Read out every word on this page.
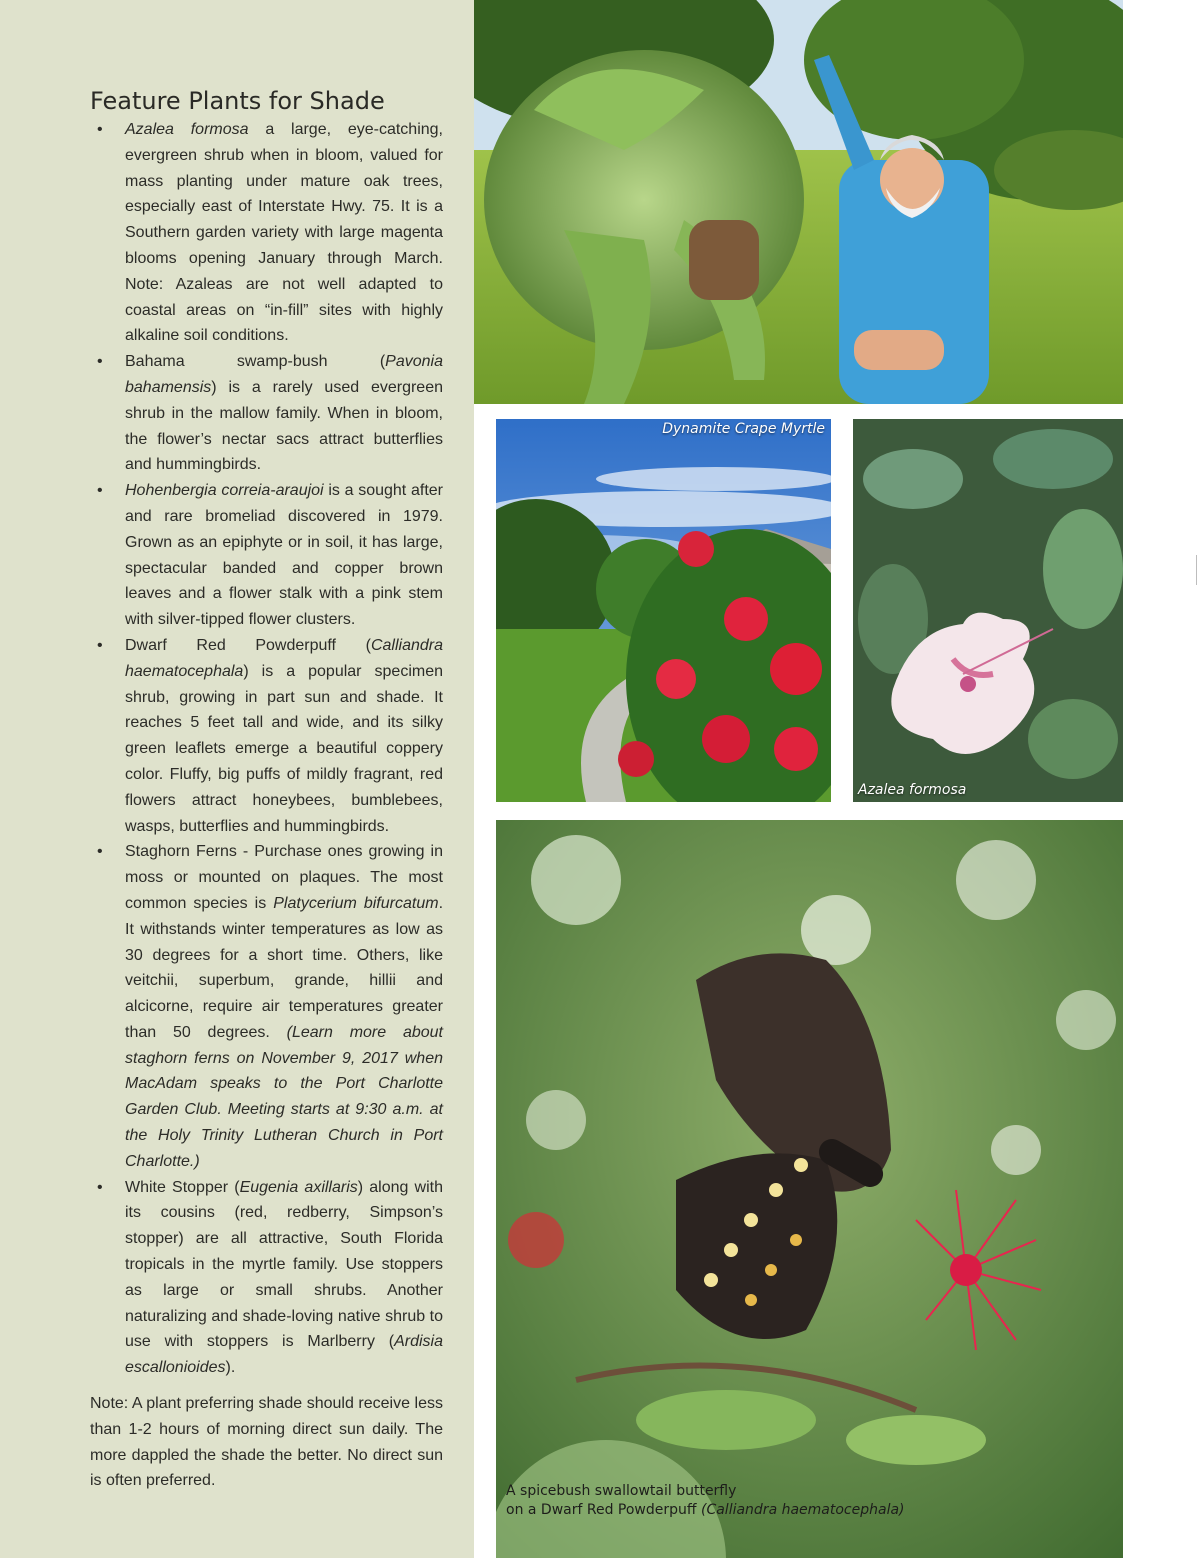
Feature Plants for Shade
• Azalea formosa a large, eye-catching, evergreen shrub when in bloom, valued for mass planting under mature oak trees, especially east of Interstate Hwy. 75. It is a Southern garden variety with large magenta blooms opening January through March. Note: Azaleas are not well adapted to coastal areas on “in-fill” sites with highly alkaline soil conditions.
• Bahama swamp-bush (Pavonia bahamensis) is a rarely used evergreen shrub in the mallow family. When in bloom, the flower’s nectar sacs attract butterflies and hummingbirds.
• Hohenbergia correia-araujoi is a sought after and rare bromeliad discovered in 1979. Grown as an epiphyte or in soil, it has large, spectacular banded and copper brown leaves and a flower stalk with a pink stem with silver-tipped flower clusters.
• Dwarf Red Powderpuff (Calliandra haematocephala) is a popular specimen shrub, growing in part sun and shade. It reaches 5 feet tall and wide, and its silky green leaflets emerge a beautiful coppery color. Fluffy, big puffs of mildly fragrant, red flowers attract honeybees, bumblebees, wasps, butterflies and hummingbirds.
• Staghorn Ferns - Purchase ones growing in moss or mounted on plaques. The most common species is Platycerium bifurcatum. It withstands winter temperatures as low as 30 degrees for a short time. Others, like veitchii, superbum, grande, hillii and alcicorne, require air temperatures greater than 50 degrees. (Learn more about staghorn ferns on November 9, 2017 when MacAdam speaks to the Port Charlotte Garden Club. Meeting starts at 9:30 a.m. at the Holy Trinity Lutheran Church in Port Charlotte.)
• White Stopper (Eugenia axillaris) along with its cousins (red, redberry, Simpson’s stopper) are all attractive, South Florida tropicals in the myrtle family. Use stoppers as large or small shrubs. Another naturalizing and shade-loving native shrub to use with stoppers is Marlberry (Ardisia escallonioides).

Note: A plant preferring shade should receive less than 1-2 hours of morning direct sun daily. The more dappled the shade the better. No direct sun is often preferred.

Dynamite Crape Myrtle
Azalea formosa
A spicebush swallowtail butterfly
on a Dwarf Red Powderpuff (Calliandra haematocephala)
